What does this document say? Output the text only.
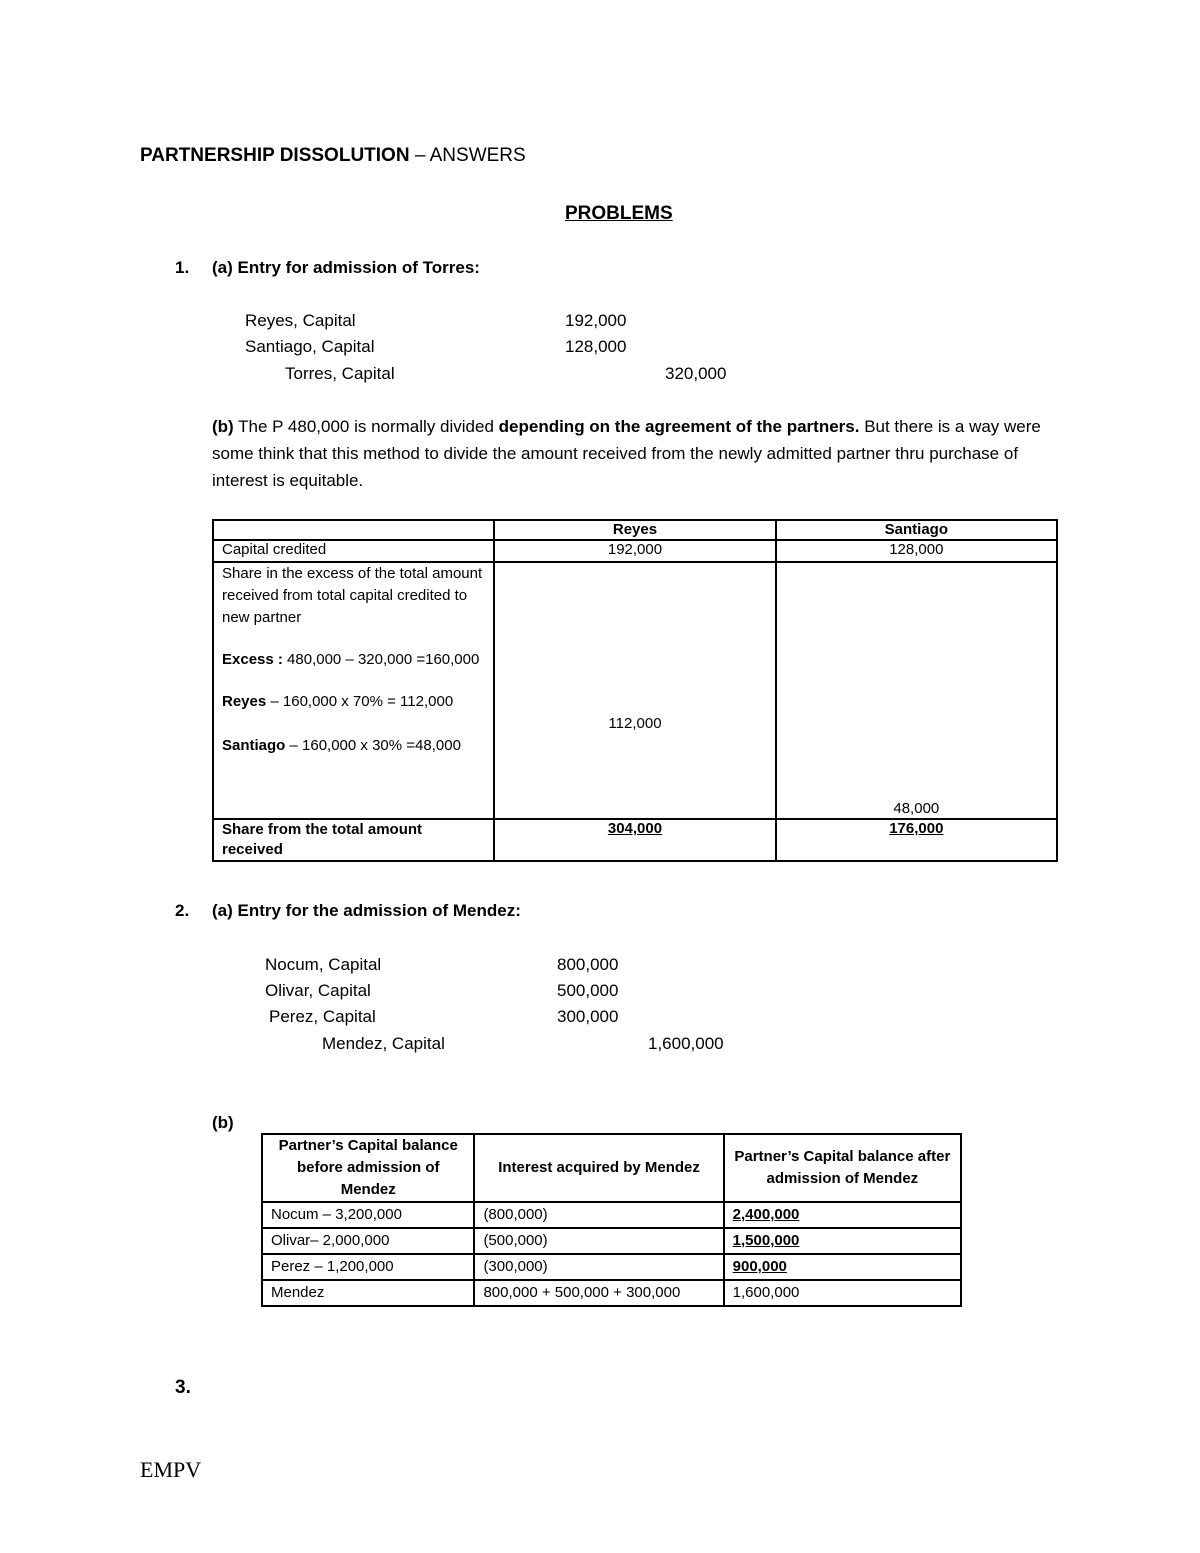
PARTNERSHIP DISSOLUTION – ANSWERS
PROBLEMS
1. (a) Entry for admission of Torres:
Reyes, Capital	192,000
Santiago, Capital	128,000
Torres, Capital	320,000
(b) The P 480,000 is normally divided depending on the agreement of the partners. But there is a way were some think that this method to divide the amount received from the newly admitted partner thru purchase of interest is equitable.
	Reyes	Santiago
Capital credited	192,000	128,000

Share in the excess of the total amount received from total capital credited to new partner
Excess : 480,000 – 320,000 =160,000
Reyes – 160,000 x 70% = 112,000
Santiago – 160,000 x 30% =48,000	112,000	48,000

Share from the total amount received	304,000	176,000
2. (a) Entry for the admission of Mendez:
Nocum, Capital	800,000
Olivar, Capital	500,000
Perez, Capital	300,000
Mendez, Capital	1,600,000
(b)
Partner’s Capital balance before admission of Mendez	Interest acquired by Mendez	Partner’s Capital balance after admission of Mendez
Nocum – 3,200,000	(800,000)	2,400,000
Olivar– 2,000,000	(500,000)	1,500,000
Perez – 1,200,000	(300,000)	900,000
Mendez	800,000 + 500,000 + 300,000	1,600,000
3.
EMPV
